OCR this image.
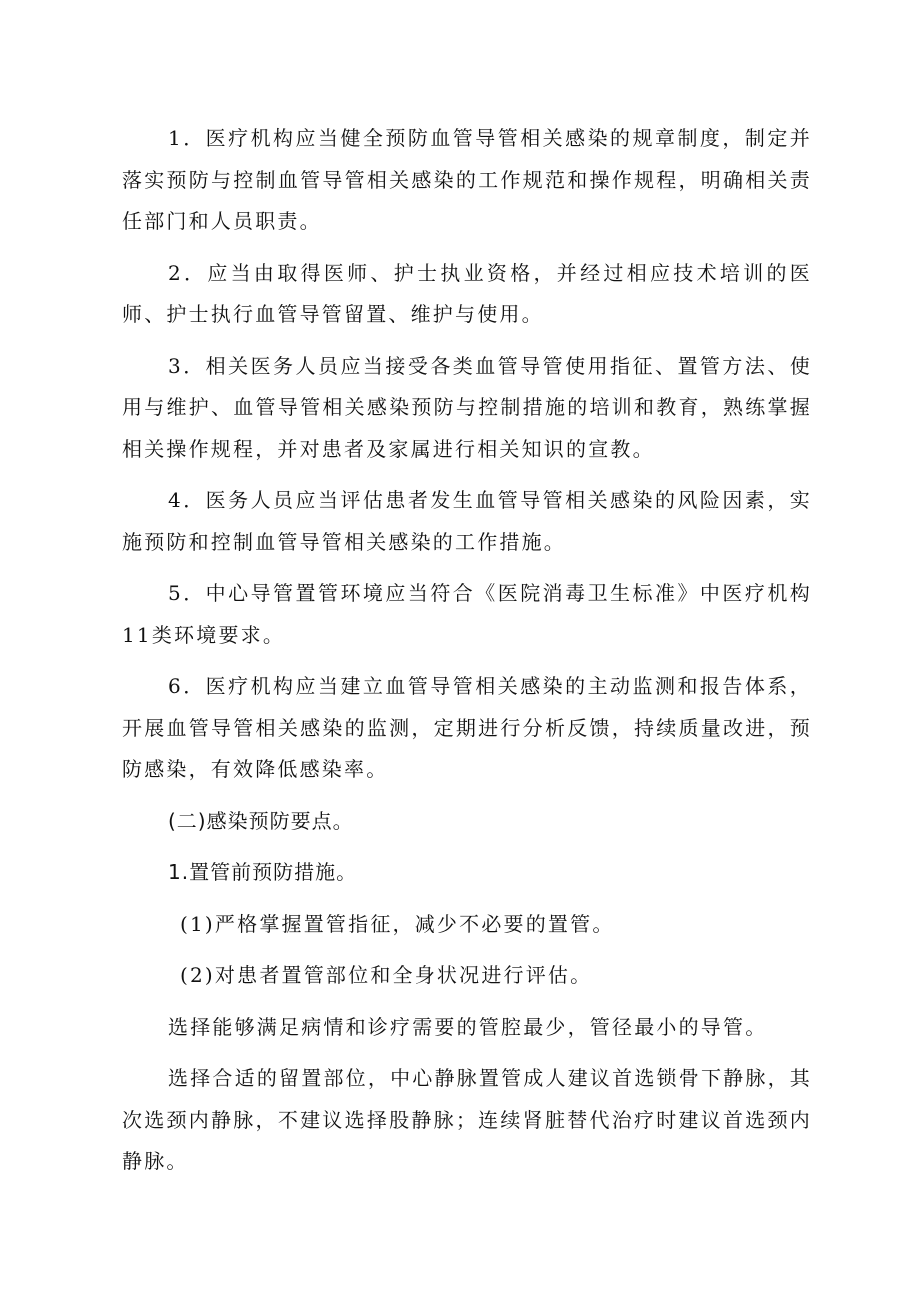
1．医疗机构应当健全预防血管导管相关感染的规章制度，制定并落实预防与控制血管导管相关感染的工作规范和操作规程，明确相关责任部门和人员职责。

2．应当由取得医师、护士执业资格，并经过相应技术培训的医师、护士执行血管导管留置、维护与使用。

3．相关医务人员应当接受各类血管导管使用指征、置管方法、使用与维护、血管导管相关感染预防与控制措施的培训和教育，熟练掌握相关操作规程，并对患者及家属进行相关知识的宣教。

4．医务人员应当评估患者发生血管导管相关感染的风险因素，实施预防和控制血管导管相关感染的工作措施。

5．中心导管置管环境应当符合《医院消毒卫生标准》中医疗机构11类环境要求。

6．医疗机构应当建立血管导管相关感染的主动监测和报告体系，开展血管导管相关感染的监测，定期进行分析反馈，持续质量改进，预防感染，有效降低感染率。

(二)感染预防要点。

1.置管前预防措施。

(1)严格掌握置管指征，减少不必要的置管。

(2)对患者置管部位和全身状况进行评估。

选择能够满足病情和诊疗需要的管腔最少，管径最小的导管。

选择合适的留置部位，中心静脉置管成人建议首选锁骨下静脉，其次选颈内静脉，不建议选择股静脉；连续肾脏替代治疗时建议首选颈内静脉。
